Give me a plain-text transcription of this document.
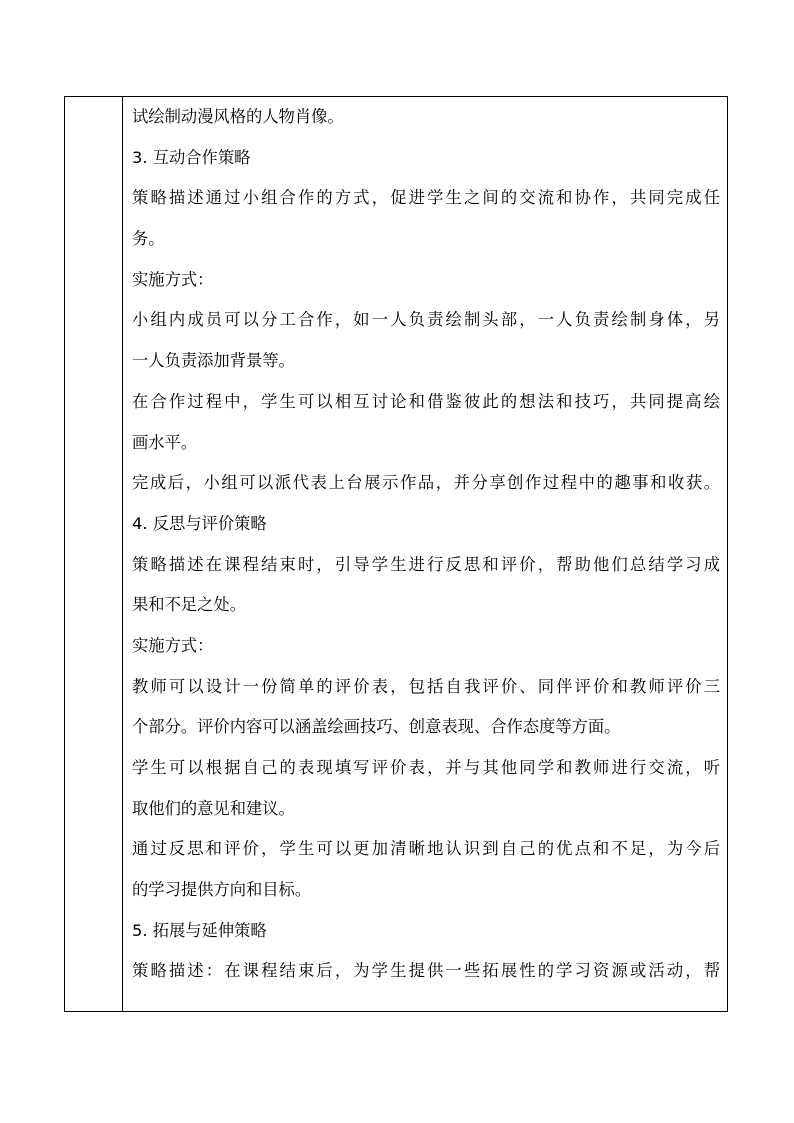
试绘制动漫风格的人物肖像。
3. 互动合作策略
策略描述通过小组合作的方式，促进学生之间的交流和协作，共同完成任
务。
实施方式：
小组内成员可以分工合作，如一人负责绘制头部，一人负责绘制身体，另
一人负责添加背景等。
在合作过程中，学生可以相互讨论和借鉴彼此的想法和技巧，共同提高绘
画水平。
完成后，小组可以派代表上台展示作品，并分享创作过程中的趣事和收获。
4. 反思与评价策略
策略描述在课程结束时，引导学生进行反思和评价，帮助他们总结学习成
果和不足之处。
实施方式：
教师可以设计一份简单的评价表，包括自我评价、同伴评价和教师评价三
个部分。评价内容可以涵盖绘画技巧、创意表现、合作态度等方面。
学生可以根据自己的表现填写评价表，并与其他同学和教师进行交流，听
取他们的意见和建议。
通过反思和评价，学生可以更加清晰地认识到自己的优点和不足，为今后
的学习提供方向和目标。
5. 拓展与延伸策略
策略描述：在课程结束后，为学生提供一些拓展性的学习资源或活动，帮
